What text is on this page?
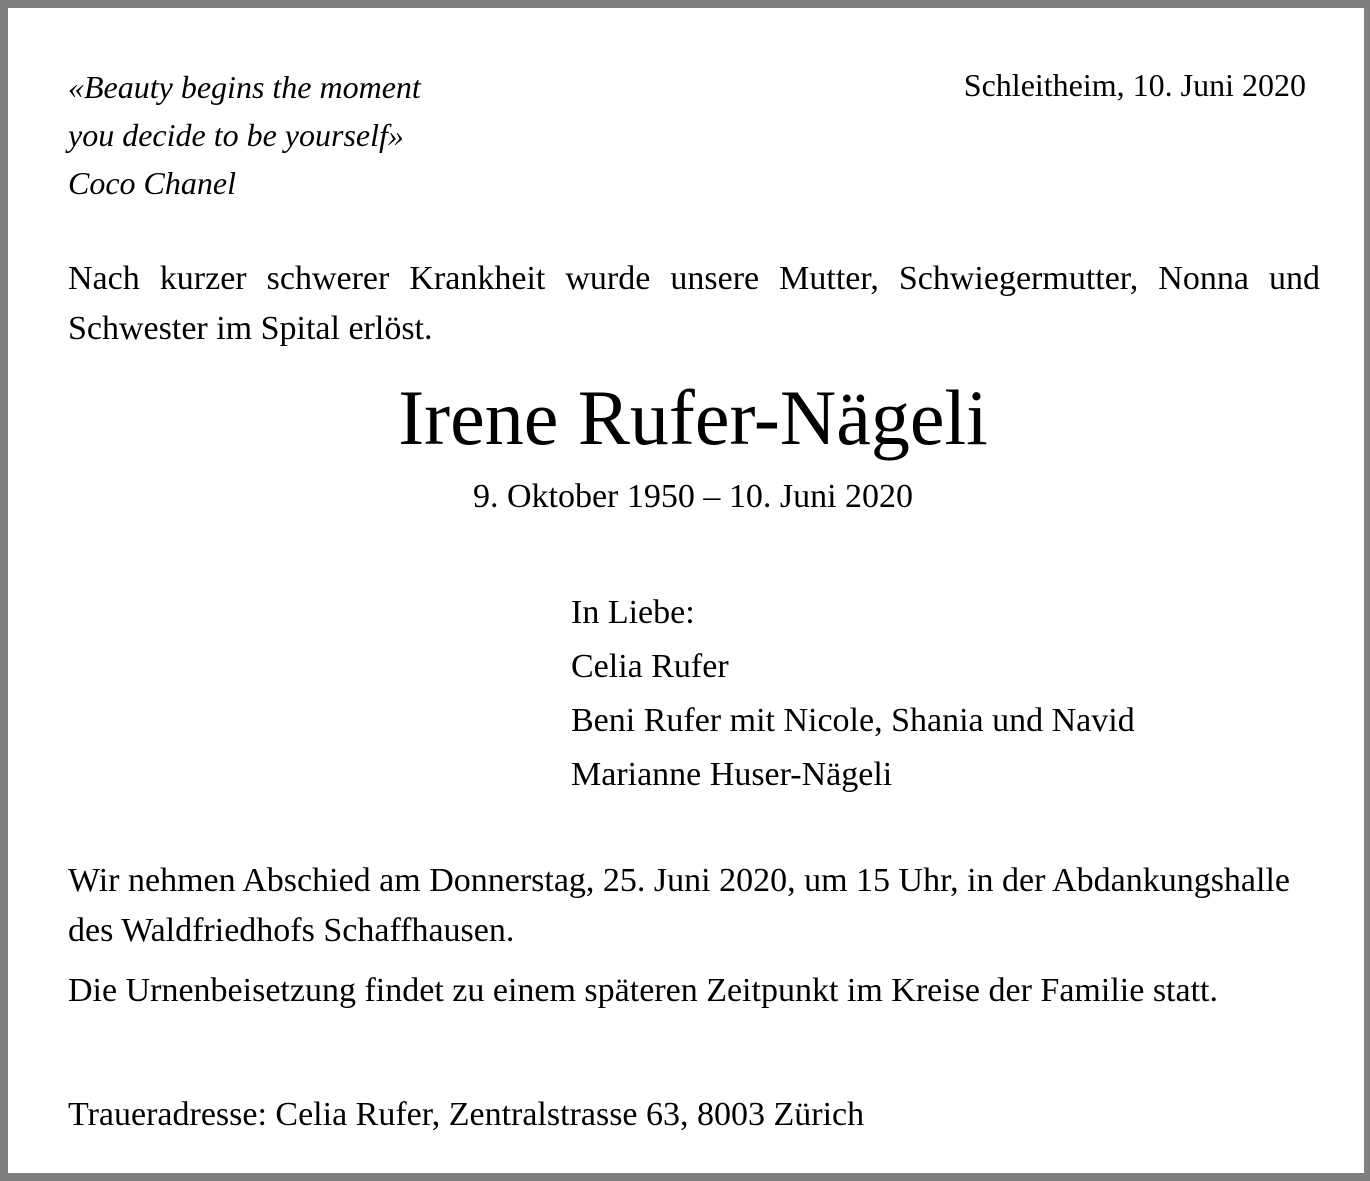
«Beauty begins the moment
you decide to be yourself»
Coco Chanel
Schleitheim, 10. Juni 2020

Nach kurzer schwerer Krankheit wurde unsere Mutter, Schwiegermutter, Nonna und Schwester im Spital erlöst.

Irene Rufer-Nägeli
9. Oktober 1950 – 10. Juni 2020
In Liebe:
Celia Rufer
Beni Rufer mit Nicole, Shania und Navid
Marianne Huser-Nägeli

Wir nehmen Abschied am Donnerstag, 25. Juni 2020, um 15 Uhr, in der Abdankungshalle des Waldfriedhofs Schaffhausen.

Die Urnenbeisetzung findet zu einem späteren Zeitpunkt im Kreise der Familie statt.

Traueradresse: Celia Rufer, Zentralstrasse 63, 8003 Zürich
